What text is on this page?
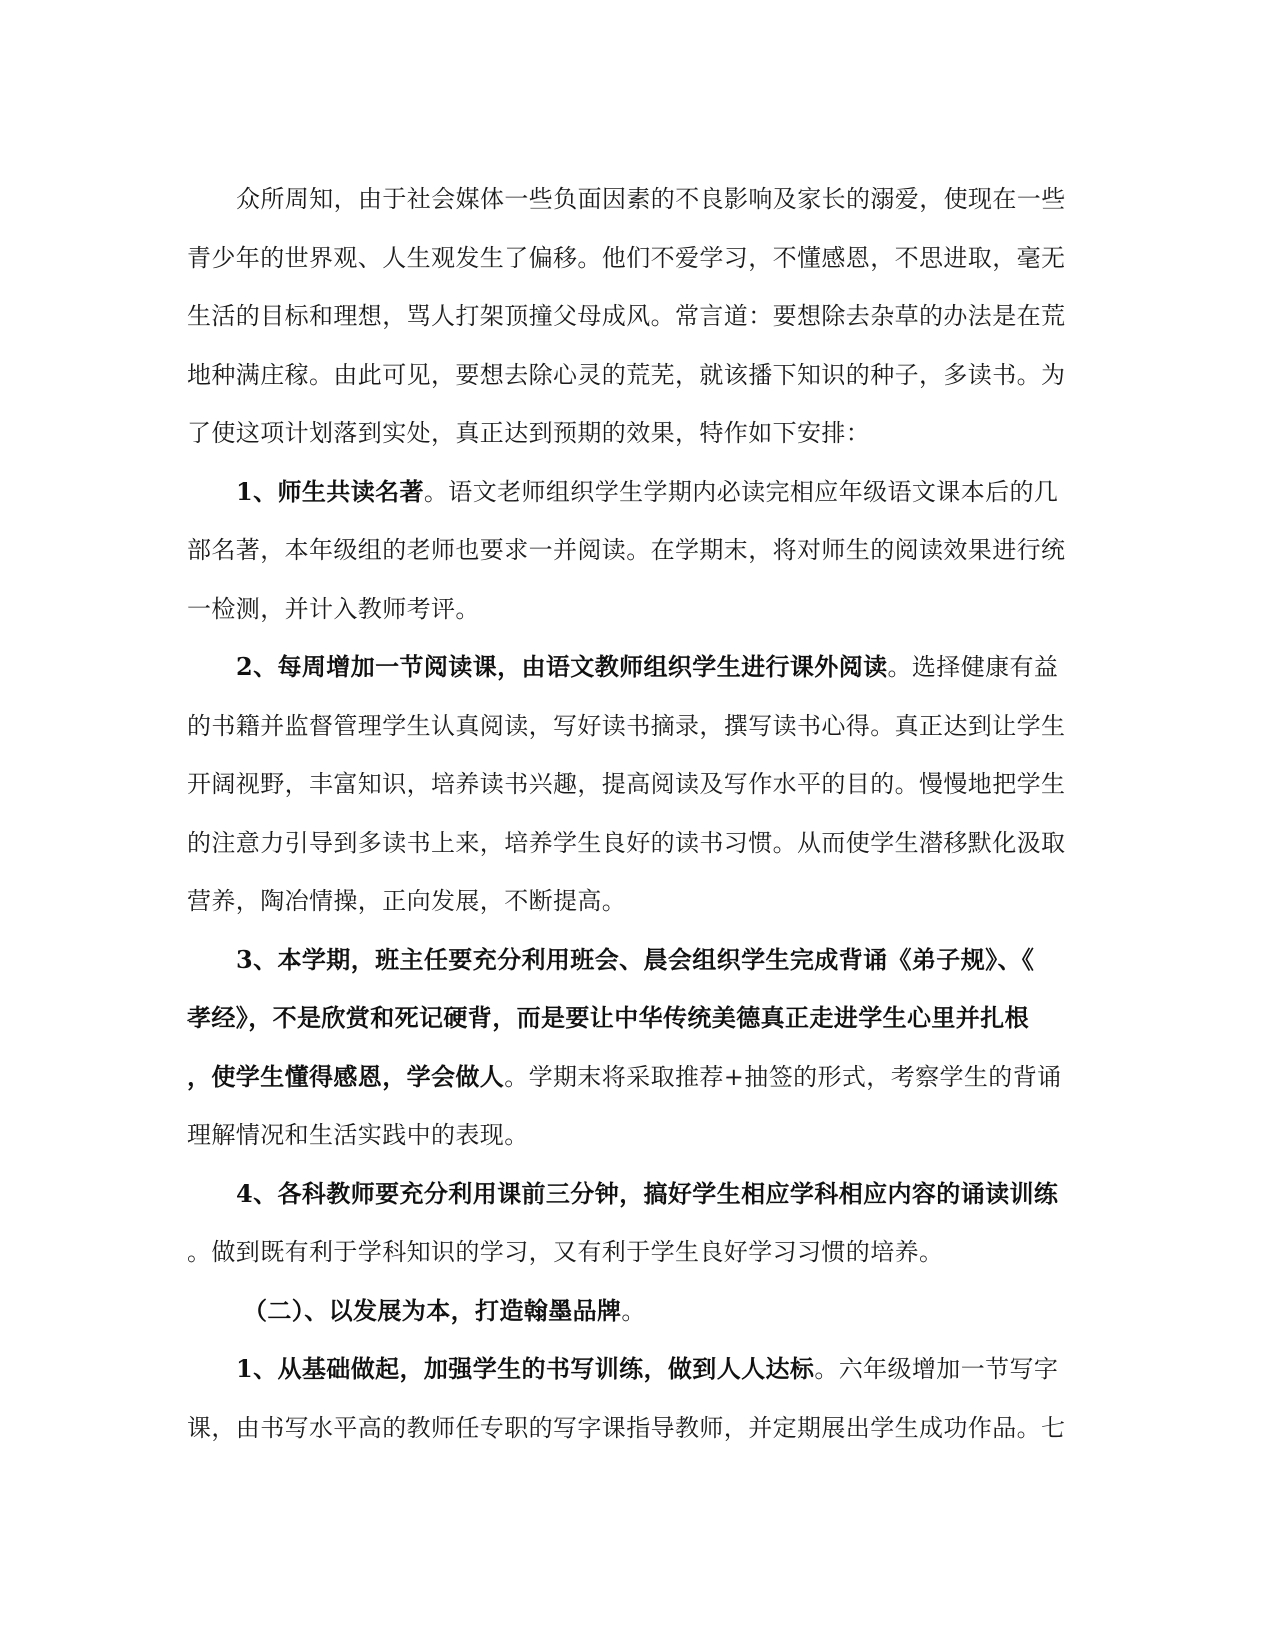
众所周知，由于社会媒体一些负面因素的不良影响及家长的溺爱，使现在一些
青少年的世界观、人生观发生了偏移。他们不爱学习，不懂感恩，不思进取，毫无
生活的目标和理想，骂人打架顶撞父母成风。常言道：要想除去杂草的办法是在荒
地种满庄稼。由此可见，要想去除心灵的荒芜，就该播下知识的种子，多读书。为
了使这项计划落到实处，真正达到预期的效果，特作如下安排：
1、师生共读名著。语文老师组织学生学期内必读完相应年级语文课本后的几
部名著，本年级组的老师也要求一并阅读。在学期末，将对师生的阅读效果进行统
一检测，并计入教师考评。
2、每周增加一节阅读课，由语文教师组织学生进行课外阅读。选择健康有益
的书籍并监督管理学生认真阅读，写好读书摘录，撰写读书心得。真正达到让学生
开阔视野，丰富知识，培养读书兴趣，提高阅读及写作水平的目的。慢慢地把学生
的注意力引导到多读书上来，培养学生良好的读书习惯。从而使学生潜移默化汲取
营养，陶冶情操，正向发展，不断提高。
3、本学期，班主任要充分利用班会、晨会组织学生完成背诵《弟子规》、《
孝经》，不是欣赏和死记硬背，而是要让中华传统美德真正走进学生心里并扎根
，使学生懂得感恩，学会做人。学期末将采取推荐+抽签的形式，考察学生的背诵
理解情况和生活实践中的表现。
4、各科教师要充分利用课前三分钟，搞好学生相应学科相应内容的诵读训练
。做到既有利于学科知识的学习，又有利于学生良好学习习惯的培养。
（二）、以发展为本，打造翰墨品牌。
1、从基础做起，加强学生的书写训练，做到人人达标。六年级增加一节写字
课，由书写水平高的教师任专职的写字课指导教师，并定期展出学生成功作品。七
